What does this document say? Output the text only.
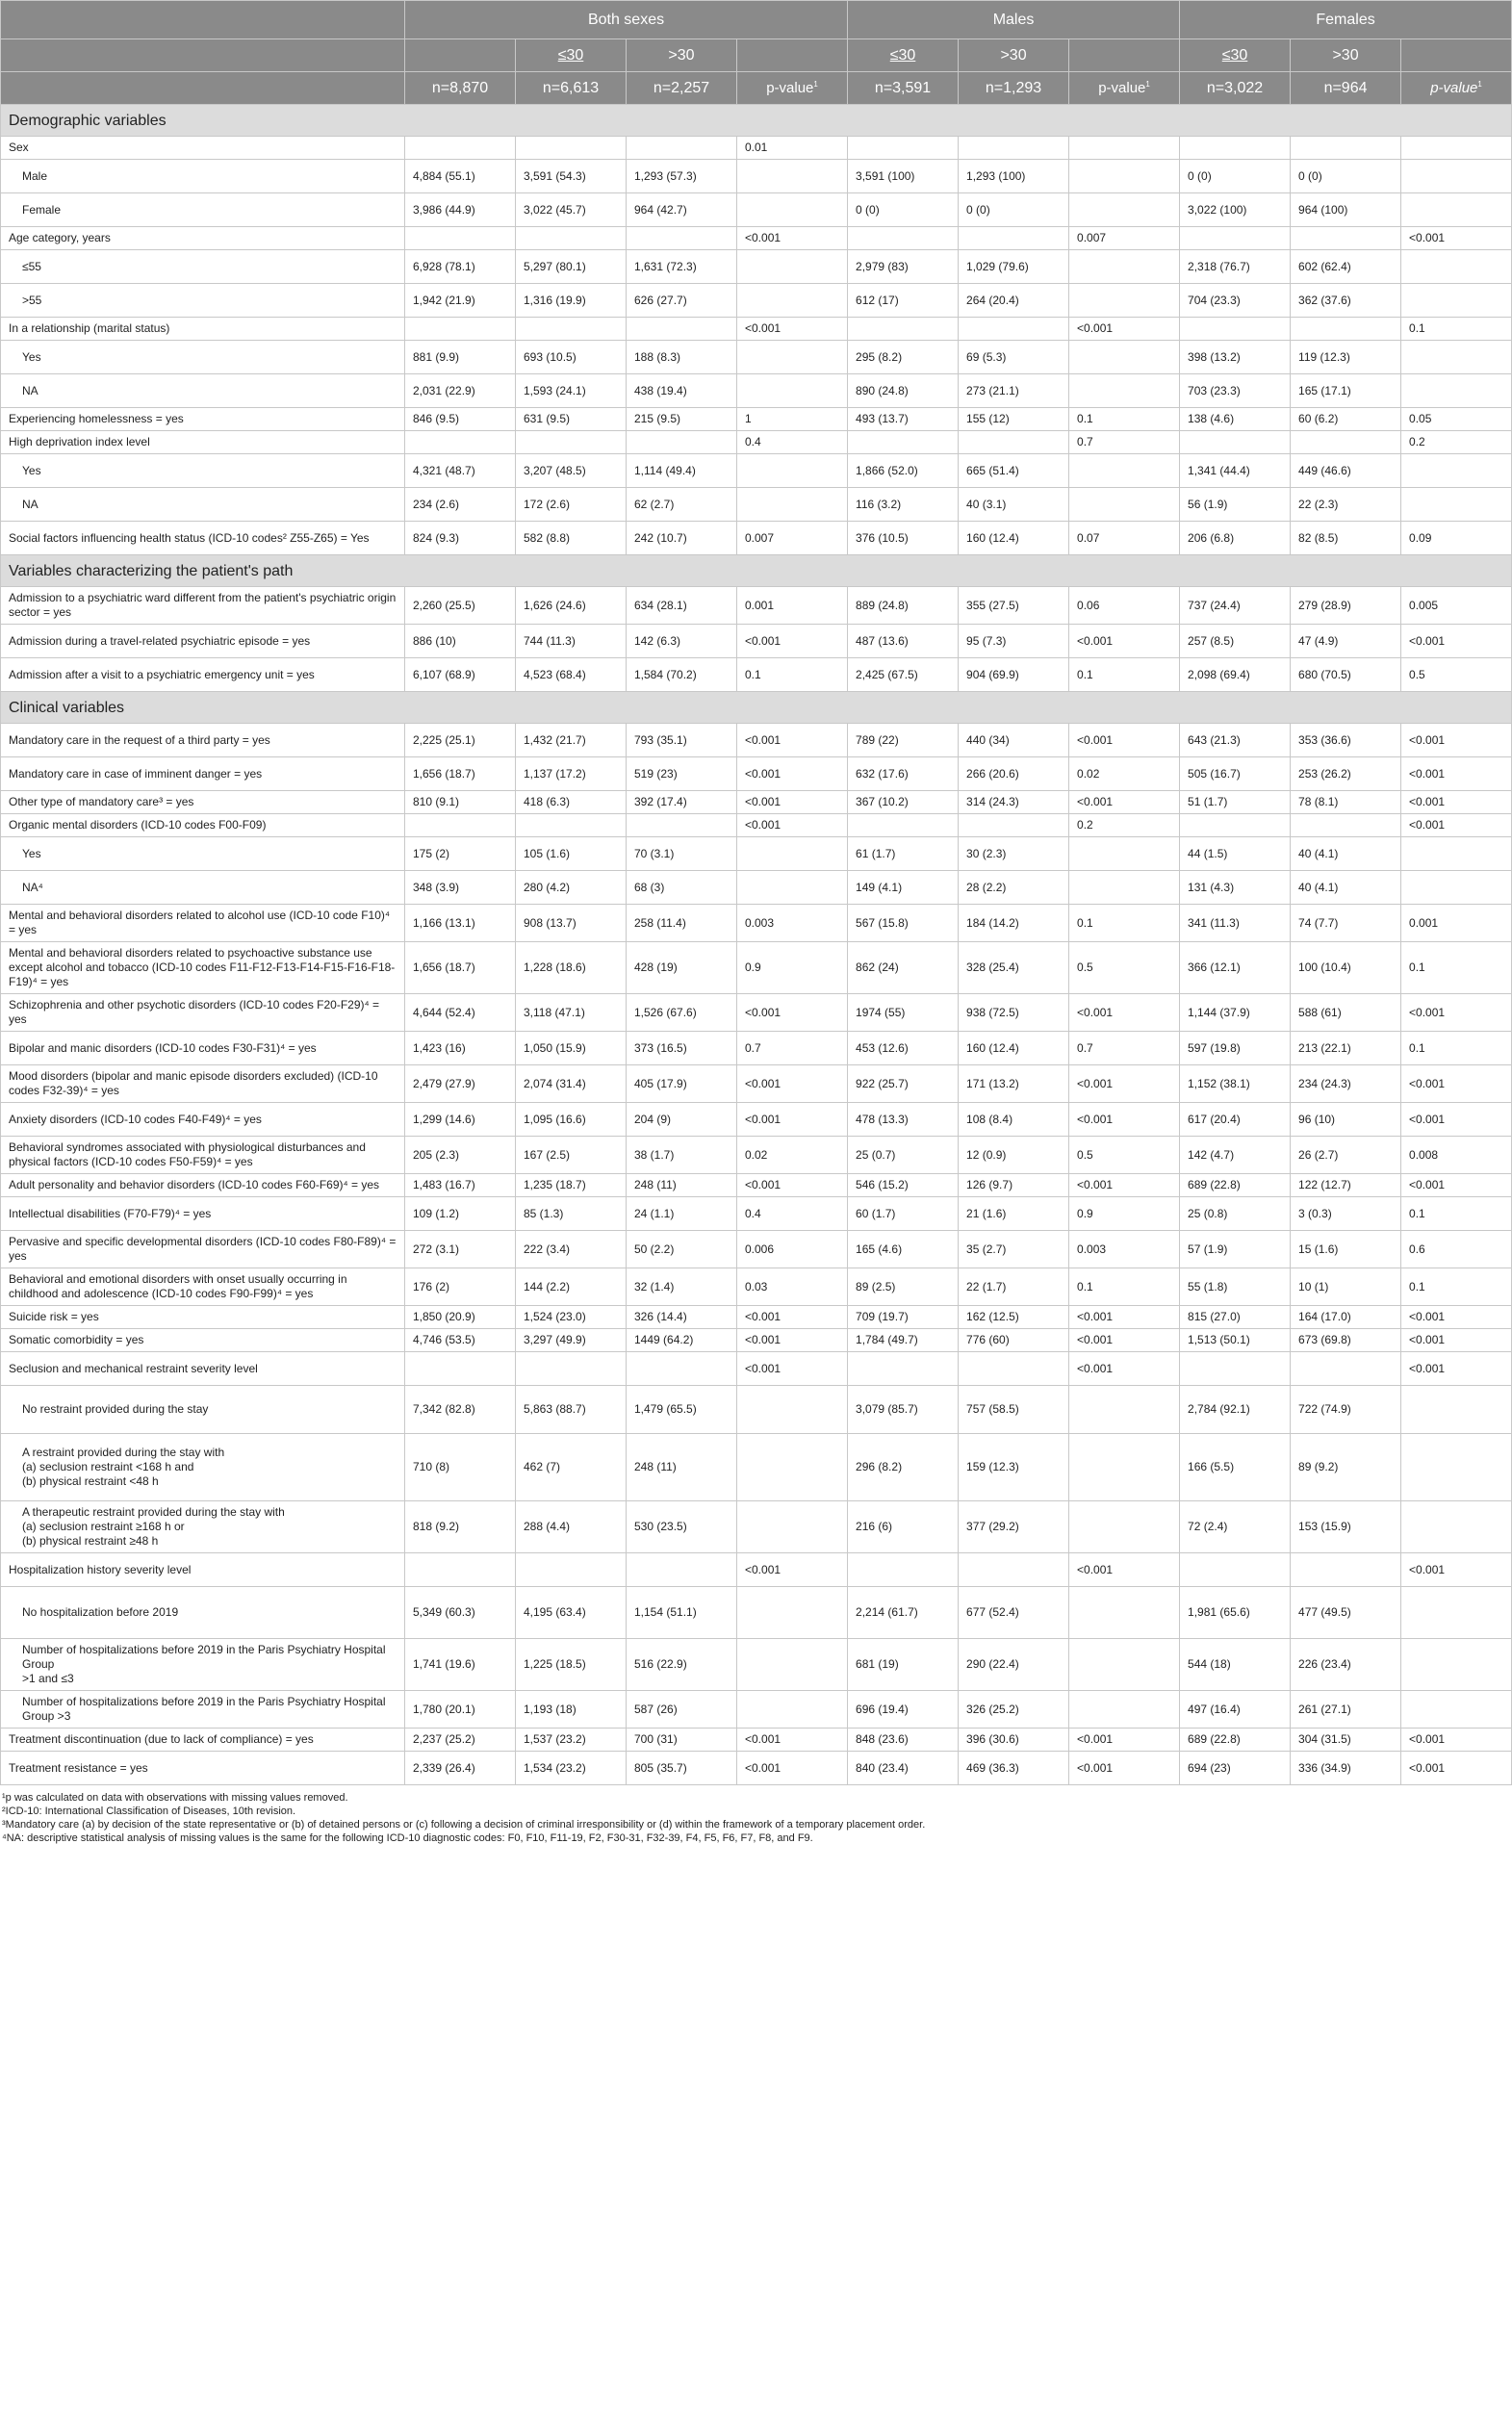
	Both sexes				Males			Females		
		≤30	>30		≤30	>30		≤30	>30	
	n=8,870	n=6,613	n=2,257	p-value$^1$	n=3,591	n=1,293	p-value$^1$	n=3,022	n=964	p-value$^1$
Demographic variables										
Sex				0.01						
Male	4,884 (55.1)	3,591 (54.3)	1,293 (57.3)		3,591 (100)	1,293 (100)		0 (0)	0 (0)	
Female	3,986 (44.9)	3,022 (45.7)	964 (42.7)		0 (0)	0 (0)		3,022 (100)	964 (100)	
Age category, years				<0.001			0.007			<0.001
≤55	6,928 (78.1)	5,297 (80.1)	1,631 (72.3)		2,979 (83)	1,029 (79.6)		2,318 (76.7)	602 (62.4)	
>55	1,942 (21.9)	1,316 (19.9)	626 (27.7)		612 (17)	264 (20.4)		704 (23.3)	362 (37.6)	
In a relationship (marital status)				<0.001			<0.001			0.1
Yes	881 (9.9)	693 (10.5)	188 (8.3)		295 (8.2)	69 (5.3)		398 (13.2)	119 (12.3)	
NA	2,031 (22.9)	1,593 (24.1)	438 (19.4)		890 (24.8)	273 (21.1)		703 (23.3)	165 (17.1)	
Experiencing homelessness = yes	846 (9.5)	631 (9.5)	215 (9.5)	1	493 (13.7)	155 (12)	0.1	138 (4.6)	60 (6.2)	0.05
High deprivation index level				0.4			0.7			0.2
Yes	4,321 (48.7)	3,207 (48.5)	1,114 (49.4)		1,866 (52.0)	665 (51.4)		1,341 (44.4)	449 (46.6)	
NA	234 (2.6)	172 (2.6)	62 (2.7)		116 (3.2)	40 (3.1)		56 (1.9)	22 (2.3)	
Social factors influencing health status (ICD-10 codes² Z55-Z65) = Yes	824 (9.3)	582 (8.8)	242 (10.7)	0.007	376 (10.5)	160 (12.4)	0.07	206 (6.8)	82 (8.5)	0.09
Variables characterizing the patient's path										
Admission to a psychiatric ward different from the patient's psychiatric origin sector = yes	2,260 (25.5)	1,626 (24.6)	634 (28.1)	0.001	889 (24.8)	355 (27.5)	0.06	737 (24.4)	279 (28.9)	0.005
Admission during a travel-related psychiatric episode = yes	886 (10)	744 (11.3)	142 (6.3)	<0.001	487 (13.6)	95 (7.3)	<0.001	257 (8.5)	47 (4.9)	<0.001
Admission after a visit to a psychiatric emergency unit = yes	6,107 (68.9)	4,523 (68.4)	1,584 (70.2)	0.1	2,425 (67.5)	904 (69.9)	0.1	2,098 (69.4)	680 (70.5)	0.5
Clinical variables										
Mandatory care in the request of a third party = yes	2,225 (25.1)	1,432 (21.7)	793 (35.1)	<0.001	789 (22)	440 (34)	<0.001	643 (21.3)	353 (36.6)	<0.001
Mandatory care in case of imminent danger = yes	1,656 (18.7)	1,137 (17.2)	519 (23)	<0.001	632 (17.6)	266 (20.6)	0.02	505 (16.7)	253 (26.2)	<0.001
Other type of mandatory care³ = yes	810 (9.1)	418 (6.3)	392 (17.4)	<0.001	367 (10.2)	314 (24.3)	<0.001	51 (1.7)	78 (8.1)	<0.001
Organic mental disorders (ICD-10 codes F00-F09)				<0.001			0.2			<0.001
Yes	175 (2)	105 (1.6)	70 (3.1)		61 (1.7)	30 (2.3)		44 (1.5)	40 (4.1)	
NA⁴	348 (3.9)	280 (4.2)	68 (3)		149 (4.1)	28 (2.2)		131 (4.3)	40 (4.1)	
Mental and behavioral disorders related to alcohol use (ICD-10 code F10)⁴ = yes	1,166 (13.1)	908 (13.7)	258 (11.4)	0.003	567 (15.8)	184 (14.2)	0.1	341 (11.3)	74 (7.7)	0.001
Mental and behavioral disorders related to psychoactive substance use except alcohol and tobacco (ICD-10 codes F11-F12-F13-F14-F15-F16-F18-F19)⁴ = yes	1,656 (18.7)	1,228 (18.6)	428 (19)	0.9	862 (24)	328 (25.4)	0.5	366 (12.1)	100 (10.4)	0.1
Schizophrenia and other psychotic disorders (ICD-10 codes F20-F29)⁴ = yes	4,644 (52.4)	3,118 (47.1)	1,526 (67.6)	<0.001	1974 (55)	938 (72.5)	<0.001	1,144 (37.9)	588 (61)	<0.001
Bipolar and manic disorders (ICD-10 codes F30-F31)⁴ = yes	1,423 (16)	1,050 (15.9)	373 (16.5)	0.7	453 (12.6)	160 (12.4)	0.7	597 (19.8)	213 (22.1)	0.1
Mood disorders (bipolar and manic episode disorders excluded) (ICD-10 codes F32-39)⁴ = yes	2,479 (27.9)	2,074 (31.4)	405 (17.9)	<0.001	922 (25.7)	171 (13.2)	<0.001	1,152 (38.1)	234 (24.3)	<0.001
Anxiety disorders (ICD-10 codes F40-F49)⁴ = yes	1,299 (14.6)	1,095 (16.6)	204 (9)	<0.001	478 (13.3)	108 (8.4)	<0.001	617 (20.4)	96 (10)	<0.001
Behavioral syndromes associated with physiological disturbances and physical factors (ICD-10 codes F50-F59)⁴ = yes	205 (2.3)	167 (2.5)	38 (1.7)	0.02	25 (0.7)	12 (0.9)	0.5	142 (4.7)	26 (2.7)	0.008
Adult personality and behavior disorders (ICD-10 codes F60-F69)⁴ = yes	1,483 (16.7)	1,235 (18.7)	248 (11)	<0.001	546 (15.2)	126 (9.7)	<0.001	689 (22.8)	122 (12.7)	<0.001
Intellectual disabilities (F70-F79)⁴ = yes	109 (1.2)	85 (1.3)	24 (1.1)	0.4	60 (1.7)	21 (1.6)	0.9	25 (0.8)	3 (0.3)	0.1
Pervasive and specific developmental disorders (ICD-10 codes F80-F89)⁴ = yes	272 (3.1)	222 (3.4)	50 (2.2)	0.006	165 (4.6)	35 (2.7)	0.003	57 (1.9)	15 (1.6)	0.6
Behavioral and emotional disorders with onset usually occurring in childhood and adolescence (ICD-10 codes F90-F99)⁴ = yes	176 (2)	144 (2.2)	32 (1.4)	0.03	89 (2.5)	22 (1.7)	0.1	55 (1.8)	10 (1)	0.1
Suicide risk = yes	1,850 (20.9)	1,524 (23.0)	326 (14.4)	<0.001	709 (19.7)	162 (12.5)	<0.001	815 (27.0)	164 (17.0)	<0.001
Somatic comorbidity = yes	4,746 (53.5)	3,297 (49.9)	1449 (64.2)	<0.001	1,784 (49.7)	776 (60)	<0.001	1,513 (50.1)	673 (69.8)	<0.001
Seclusion and mechanical restraint severity level				<0.001			<0.001			<0.001
No restraint provided during the stay	7,342 (82.8)	5,863 (88.7)	1,479 (65.5)		3,079 (85.7)	757 (58.5)		2,784 (92.1)	722 (74.9)	
A restraint provided during the stay with
(a) seclusion restraint <168 h and
(b) physical restraint <48 h	710 (8)	462 (7)	248 (11)		296 (8.2)	159 (12.3)		166 (5.5)	89 (9.2)	
A therapeutic restraint provided during the stay with
(a) seclusion restraint ≥168 h or
(b) physical restraint ≥48 h	818 (9.2)	288 (4.4)	530 (23.5)		216 (6)	377 (29.2)		72 (2.4)	153 (15.9)	
Hospitalization history severity level				<0.001			<0.001			<0.001
No hospitalization before 2019	5,349 (60.3)	4,195 (63.4)	1,154 (51.1)		2,214 (61.7)	677 (52.4)		1,981 (65.6)	477 (49.5)	
Number of hospitalizations before 2019 in the Paris Psychiatry Hospital Group
>1 and ≤3	1,741 (19.6)	1,225 (18.5)	516 (22.9)		681 (19)	290 (22.4)		544 (18)	226 (23.4)	
Number of hospitalizations before 2019 in the Paris Psychiatry Hospital Group >3	1,780 (20.1)	1,193 (18)	587 (26)		696 (19.4)	326 (25.2)		497 (16.4)	261 (27.1)	
Treatment discontinuation (due to lack of compliance) = yes	2,237 (25.2)	1,537 (23.2)	700 (31)	<0.001	848 (23.6)	396 (30.6)	<0.001	689 (22.8)	304 (31.5)	<0.001
Treatment resistance = yes	2,339 (26.4)	1,534 (23.2)	805 (35.7)	<0.001	840 (23.4)	469 (36.3)	<0.001	694 (23)	336 (34.9)	<0.001
¹p was calculated on data with observations with missing values removed.
²ICD-10: International Classification of Diseases, 10th revision.
³Mandatory care (a) by decision of the state representative or (b) of detained persons or (c) following a decision of criminal irresponsibility or (d) within the framework of a temporary placement order.
⁴NA: descriptive statistical analysis of missing values is the same for the following ICD-10 diagnostic codes: F0, F10, F11-19, F2, F30-31, F32-39, F4, F5, F6, F7, F8, and F9.
